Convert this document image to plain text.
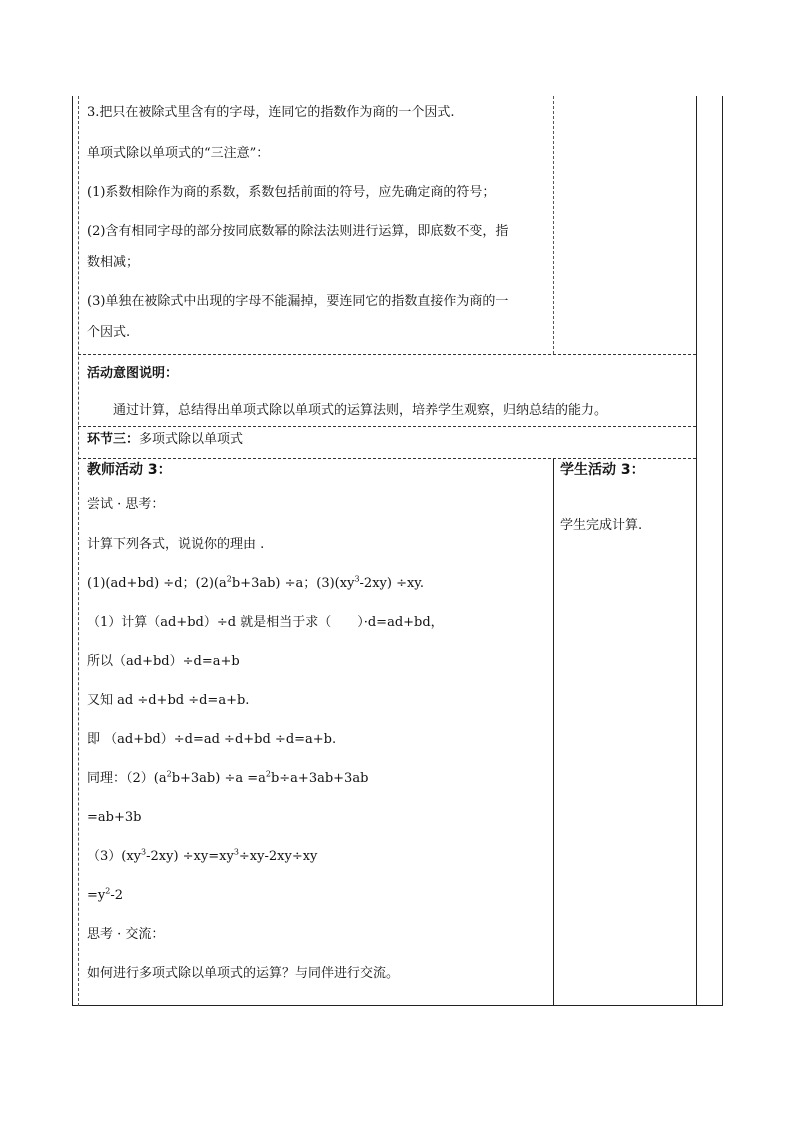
3.把只在被除式里含有的字母，连同它的指数作为商的一个因式.
单项式除以单项式的“三注意”：
(1)系数相除作为商的系数，系数包括前面的符号，应先确定商的符号；
(2)含有相同字母的部分按同底数幂的除法法则进行运算，即底数不变，指
数相减；
(3)单独在被除式中出现的字母不能漏掉，要连同它的指数直接作为商的一
个因式.
活动意图说明：
通过计算，总结得出单项式除以单项式的运算法则，培养学生观察，归纳总结的能力。
环节三：多项式除以单项式
教师活动 3：
尝试 · 思考：
计算下列各式，说说你的理由 .
(1)(ad+bd) ÷d；$(2)(a^2b+3ab) \div a$；$(3)(xy^3-2xy) \div xy$.
（1）计算（ad+bd）÷d 就是相当于求（　　）·d=ad+bd，
所以（ad+bd）÷d=a+b
又知 ad ÷d+bd ÷d=a+b.
即 （ad+bd）÷d=ad ÷d+bd ÷d=a+b.
同理：$(2)(a^2b+3ab) \div a =a^2b\div a+3ab+3ab$
=ab+3b
$(3)(xy^3-2xy) \div xy=xy^3\div xy-2xy\div xy$
$=y^2-2$
思考 · 交流：
如何进行多项式除以单项式的运算？与同伴进行交流。
学生活动 3：
学生完成计算.
